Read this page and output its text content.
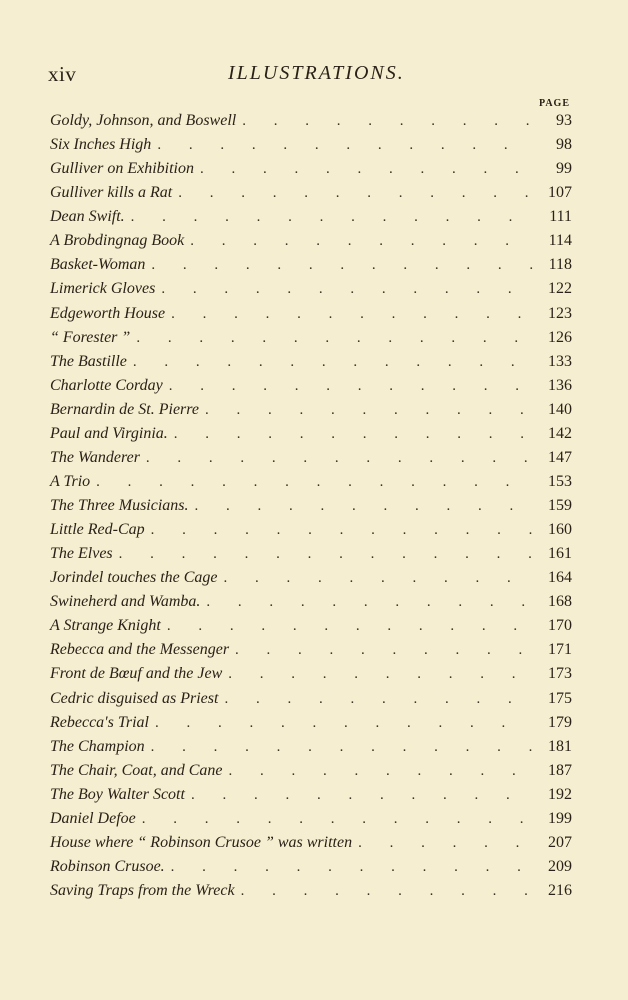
xiv	ILLUSTRATIONS.
PAGE
Goldy, Johnson, and Boswell . . .	93
Six Inches High . . .	98
Gulliver on Exhibition . . .	99
Gulliver kills a Rat . . .	107
Dean Swift. . . .	111
A Brobdingnag Book . . .	114
Basket-Woman . . .	118
Limerick Gloves . . .	122
Edgeworth House . . .	123
“ Forester ” . . .	126
The Bastille . . .	133
Charlotte Corday . . .	136
Bernardin de St. Pierre . . .	140
Paul and Virginia. . . .	142
The Wanderer . . .	147
A Trio . . .	153
The Three Musicians. . . .	159
Little Red-Cap . . .	160
The Elves . . .	161
Jorindel touches the Cage . . .	164
Swineherd and Wamba. . . .	168
A Strange Knight . . .	170
Rebecca and the Messenger . . .	171
Front de Bœuf and the Jew . . .	173
Cedric disguised as Priest . . .	175
Rebecca's Trial . . .	179
The Champion . . .	181
The Chair, Coat, and Cane . . .	187
The Boy Walter Scott . . .	192
Daniel Defoe . . .	199
House where “ Robinson Crusoe ” was written . . .	207
Robinson Crusoe. . . .	209
Saving Traps from the Wreck . . .	216
